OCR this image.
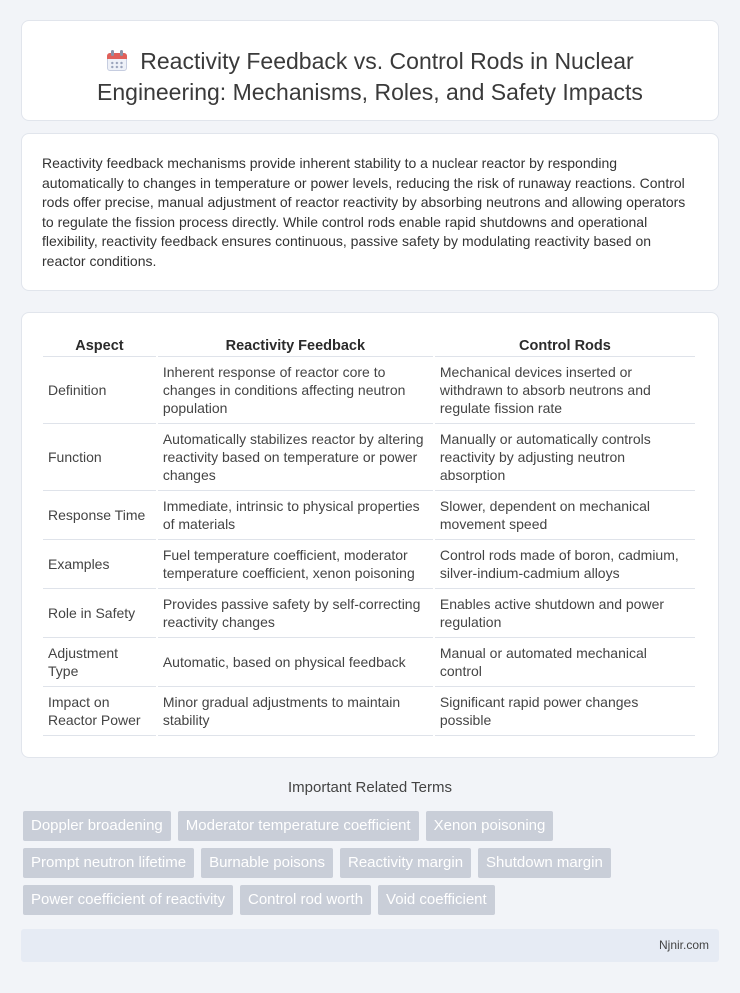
Reactivity Feedback vs. Control Rods in Nuclear
Engineering: Mechanisms, Roles, and Safety Impacts

Reactivity feedback mechanisms provide inherent stability to a nuclear reactor by responding automatically to changes in temperature or power levels, reducing the risk of runaway reactions. Control rods offer precise, manual adjustment of reactor reactivity by absorbing neutrons and allowing operators to regulate the fission process directly. While control rods enable rapid shutdowns and operational flexibility, reactivity feedback ensures continuous, passive safety by modulating reactivity based on reactor conditions.

Aspect	Reactivity Feedback	Control Rods
Definition	Inherent response of reactor core to changes in conditions affecting neutron population	Mechanical devices inserted or withdrawn to absorb neutrons and regulate fission rate
Function	Automatically stabilizes reactor by altering reactivity based on temperature or power changes	Manually or automatically controls reactivity by adjusting neutron absorption
Response Time	Immediate, intrinsic to physical properties of materials	Slower, dependent on mechanical movement speed
Examples	Fuel temperature coefficient, moderator temperature coefficient, xenon poisoning	Control rods made of boron, cadmium, silver-indium-cadmium alloys
Role in Safety	Provides passive safety by self-correcting reactivity changes	Enables active shutdown and power regulation
Adjustment Type	Automatic, based on physical feedback	Manual or automated mechanical control
Impact on Reactor Power	Minor gradual adjustments to maintain stability	Significant rapid power changes possible
Important Related Terms
Doppler broadening	Moderator temperature coefficient	Xenon poisoning
Prompt neutron lifetime	Burnable poisons	Reactivity margin	Shutdown margin
Power coefficient of reactivity	Control rod worth	Void coefficient
Njnir.com
